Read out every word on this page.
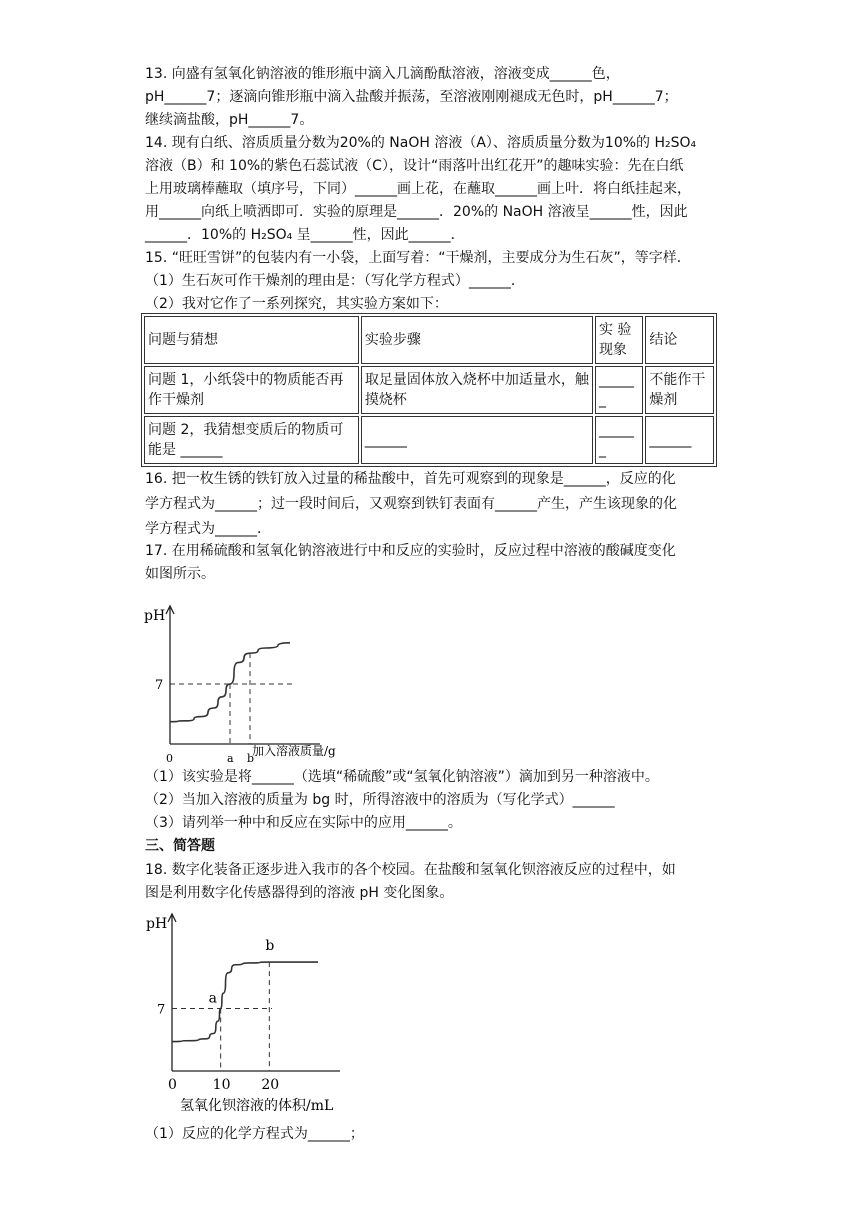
13. 向盛有氢氧化钠溶液的锥形瓶中滴入几滴酚酞溶液，溶液变成______色，
pH______7；逐滴向锥形瓶中滴入盐酸并振荡，至溶液刚刚褪成无色时，pH______7；
继续滴盐酸，pH______7。
14. 现有白纸、溶质质量分数为20%的 NaOH 溶液（A）、溶质质量分数为10%的 H₂SO₄
溶液（B）和 10%的紫色石蕊试液（C），设计“雨落叶出红花开”的趣味实验：先在白纸
上用玻璃棒蘸取（填序号，下同）______画上花，在蘸取______画上叶．将白纸挂起来，
用______向纸上喷洒即可．实验的原理是______．20%的 NaOH 溶液呈______性，因此
______．10%的 H₂SO₄ 呈______性，因此______．
15. “旺旺雪饼”的包装内有一小袋，上面写着：“干燥剂，主要成分为生石灰”，等字样．
（1）生石灰可作干燥剂的理由是：（写化学方程式）______．
（2）我对它作了一系列探究，其实验方案如下：
问题与猜想	实验步骤	实 验 现象	结论
问题 1，小纸袋中的物质能否再作干燥剂	取足量固体放入烧杯中加适量水，触摸烧杯	_____ _	不能作干燥剂
问题 2，我猜想变质后的物质可能是 ______	______	_____ _	______
16. 把一枚生锈的铁钉放入过量的稀盐酸中，首先可观察到的现象是______，反应的化
学方程式为______；过一段时间后，又观察到铁钉表面有______产生，产生该现象的化
学方程式为______．
17. 在用稀硫酸和氢氧化钠溶液进行中和反应的实验时，反应过程中溶液的酸碱度变化
如图所示。
pH
7
0	a b
加入溶液质量/g
（1）该实验是将______（选填“稀硫酸”或“氢氧化钠溶液”）滴加到另一种溶液中。
（2）当加入溶液的质量为 bg 时，所得溶液中的溶质为（写化学式）______
（3）请列举一种中和反应在实际中的应用______。
三、简答题
18. 数字化装备正逐步进入我市的各个校园。在盐酸和氢氧化钡溶液反应的过程中，如
图是利用数字化传感器得到的溶液 pH 变化图象。
pH
7
0	10 20
a
b
氢氧化钡溶液的体积/mL
（1）反应的化学方程式为______；
